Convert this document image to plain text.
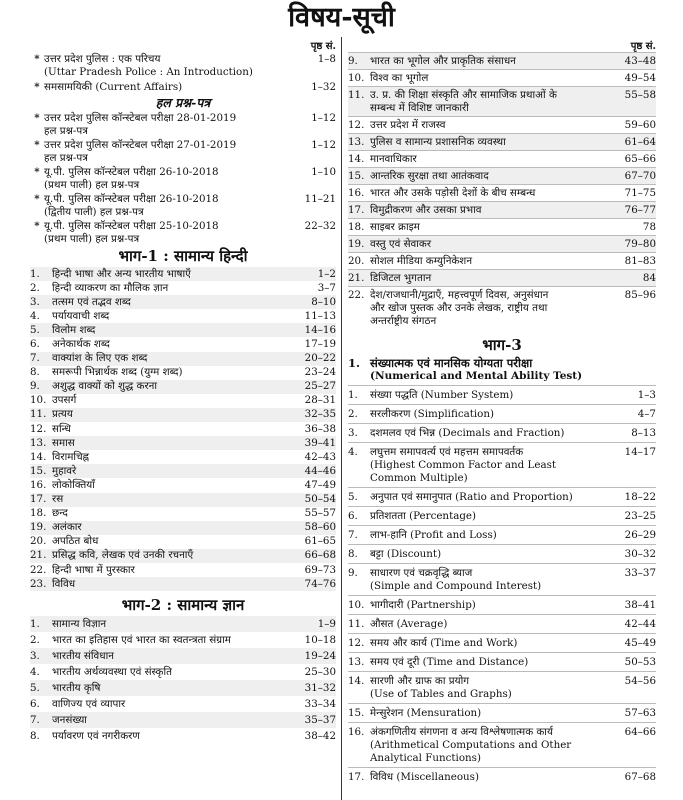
विषय-सूची
पृष्ठ सं.
* उत्तर प्रदेश पुलिस : एक परिचय
(Uttar Pradesh Police : An Introduction)
1–8
* समसामयिकी (Current Affairs)	1–32
हल प्रश्न-पत्र
* उत्तर प्रदेश पुलिस कॉन्स्टेबल परीक्षा 28-01-2019
हल प्रश्न-पत्र
1–12
* उत्तर प्रदेश पुलिस कॉन्स्टेबल परीक्षा 27-01-2019
हल प्रश्न-पत्र
1–12
* यू.पी. पुलिस कॉन्स्टेबल परीक्षा 26-10-2018
(प्रथम पाली) हल प्रश्न-पत्र
1–10
* यू.पी. पुलिस कॉन्स्टेबल परीक्षा 26-10-2018
(द्वितीय पाली) हल प्रश्न-पत्र
11–21
* यू.पी. पुलिस कॉन्स्टेबल परीक्षा 25-10-2018
(प्रथम पाली) हल प्रश्न-पत्र
22–32
भाग-1 : सामान्य हिन्दी
1.	हिन्दी भाषा और अन्य भारतीय भाषाएँ	1–2
2.	हिन्दी व्याकरण का मौलिक ज्ञान	3–7
3.	तत्सम एवं तद्भव शब्द	8–10
4.	पर्यायवाची शब्द	11–13
5.	विलोम शब्द	14–16
6.	अनेकार्थक शब्द	17–19
7.	वाक्यांश के लिए एक शब्द	20–22
8.	समरूपी भिन्नार्थक शब्द (युग्म शब्द)	23–24
9.	अशुद्ध वाक्यों को शुद्ध करना	25–27
10. उपसर्ग	28–31
11. प्रत्यय	32–35
12. सन्धि	36–38
13. समास	39–41
14. विरामचिह्न	42–43
15. मुहावरे	44–46
16. लोकोक्तियाँ	47–49
17. रस	50–54
18. छन्द	55–57
19. अलंकार	58–60
20. अपठित बोध	61–65
21. प्रसिद्ध कवि, लेखक एवं उनकी रचनाएँ	66–68
22. हिन्दी भाषा में पुरस्कार	69–73
23. विविध	74–76
भाग-2 : सामान्य ज्ञान
1.	सामान्य विज्ञान	1–9
2.	भारत का इतिहास एवं भारत का स्वतन्त्रता संग्राम	10–18
3.	भारतीय संविधान	19–24
4.	भारतीय अर्थव्यवस्था एवं संस्कृति	25–30
5.	भारतीय कृषि	31–32
6.	वाणिज्य एवं व्यापार	33–34
7.	जनसंख्या	35–37
8.	पर्यावरण एवं नगरीकरण	38–42
पृष्ठ सं.
9.	भारत का भूगोल और प्राकृतिक संसाधन	43–48
10. विश्व का भूगोल	49–54
11. उ. प्र. की शिक्षा संस्कृति और सामाजिक प्रथाओं के
सम्बन्ध में विशिष्ट जानकारी
55–58
12. उत्तर प्रदेश में राजस्व	59–60
13. पुलिस व सामान्य प्रशासनिक व्यवस्था	61–64
14. मानवाधिकार	65–66
15. आन्तरिक सुरक्षा तथा आतंकवाद	67–70
16. भारत और उसके पड़ोसी देशों के बीच सम्बन्ध	71–75
17. विमुद्रीकरण और उसका प्रभाव	76–77
18. साइबर क्राइम	78
19. वस्तु एवं सेवाकर	79–80
20. सोशल मीडिया कम्युनिकेशन	81–83
21. डिजिटल भुगतान	84
22. देश/राजधानी/मुद्राएँ, महत्त्वपूर्ण दिवस, अनुसंधान
और खोज पुस्तक और उनके लेखक, राष्ट्रीय तथा
अन्तर्राष्ट्रीय संगठन
85–96
भाग-3
1. संख्यात्मक एवं मानसिक योग्यता परीक्षा
(Numerical and Mental Ability Test)
1.	संख्या पद्धति (Number System)	1–3
2.	सरलीकरण (Simplification)	4–7
3.	दशमलव एवं भिन्न (Decimals and Fraction)	8–13
4.	लघुत्तम समापवर्त्य एवं महत्तम समापवर्तक
(Highest Common Factor and Least
Common Multiple)
14–17
5.	अनुपात एवं समानुपात (Ratio and Proportion)	18–22
6.	प्रतिशतता (Percentage)	23–25
7.	लाभ-हानि (Profit and Loss)	26–29
8.	बट्टा (Discount)	30–32
9.	साधारण एवं चक्रवृद्धि ब्याज
(Simple and Compound Interest)
33–37
10. भागीदारी (Partnership)	38–41
11. औसत (Average)	42–44
12. समय और कार्य (Time and Work)	45–49
13. समय एवं दूरी (Time and Distance)	50–53
14. सारणी और ग्राफ का प्रयोग
(Use of Tables and Graphs)
54–56
15. मेन्सुरेशन (Mensuration)	57–63
16. अंकगणितीय संगणना व अन्य विश्लेषणात्मक कार्य
(Arithmetical Computations and Other
Analytical Functions)
64–66
17. विविध (Miscellaneous)	67–68
